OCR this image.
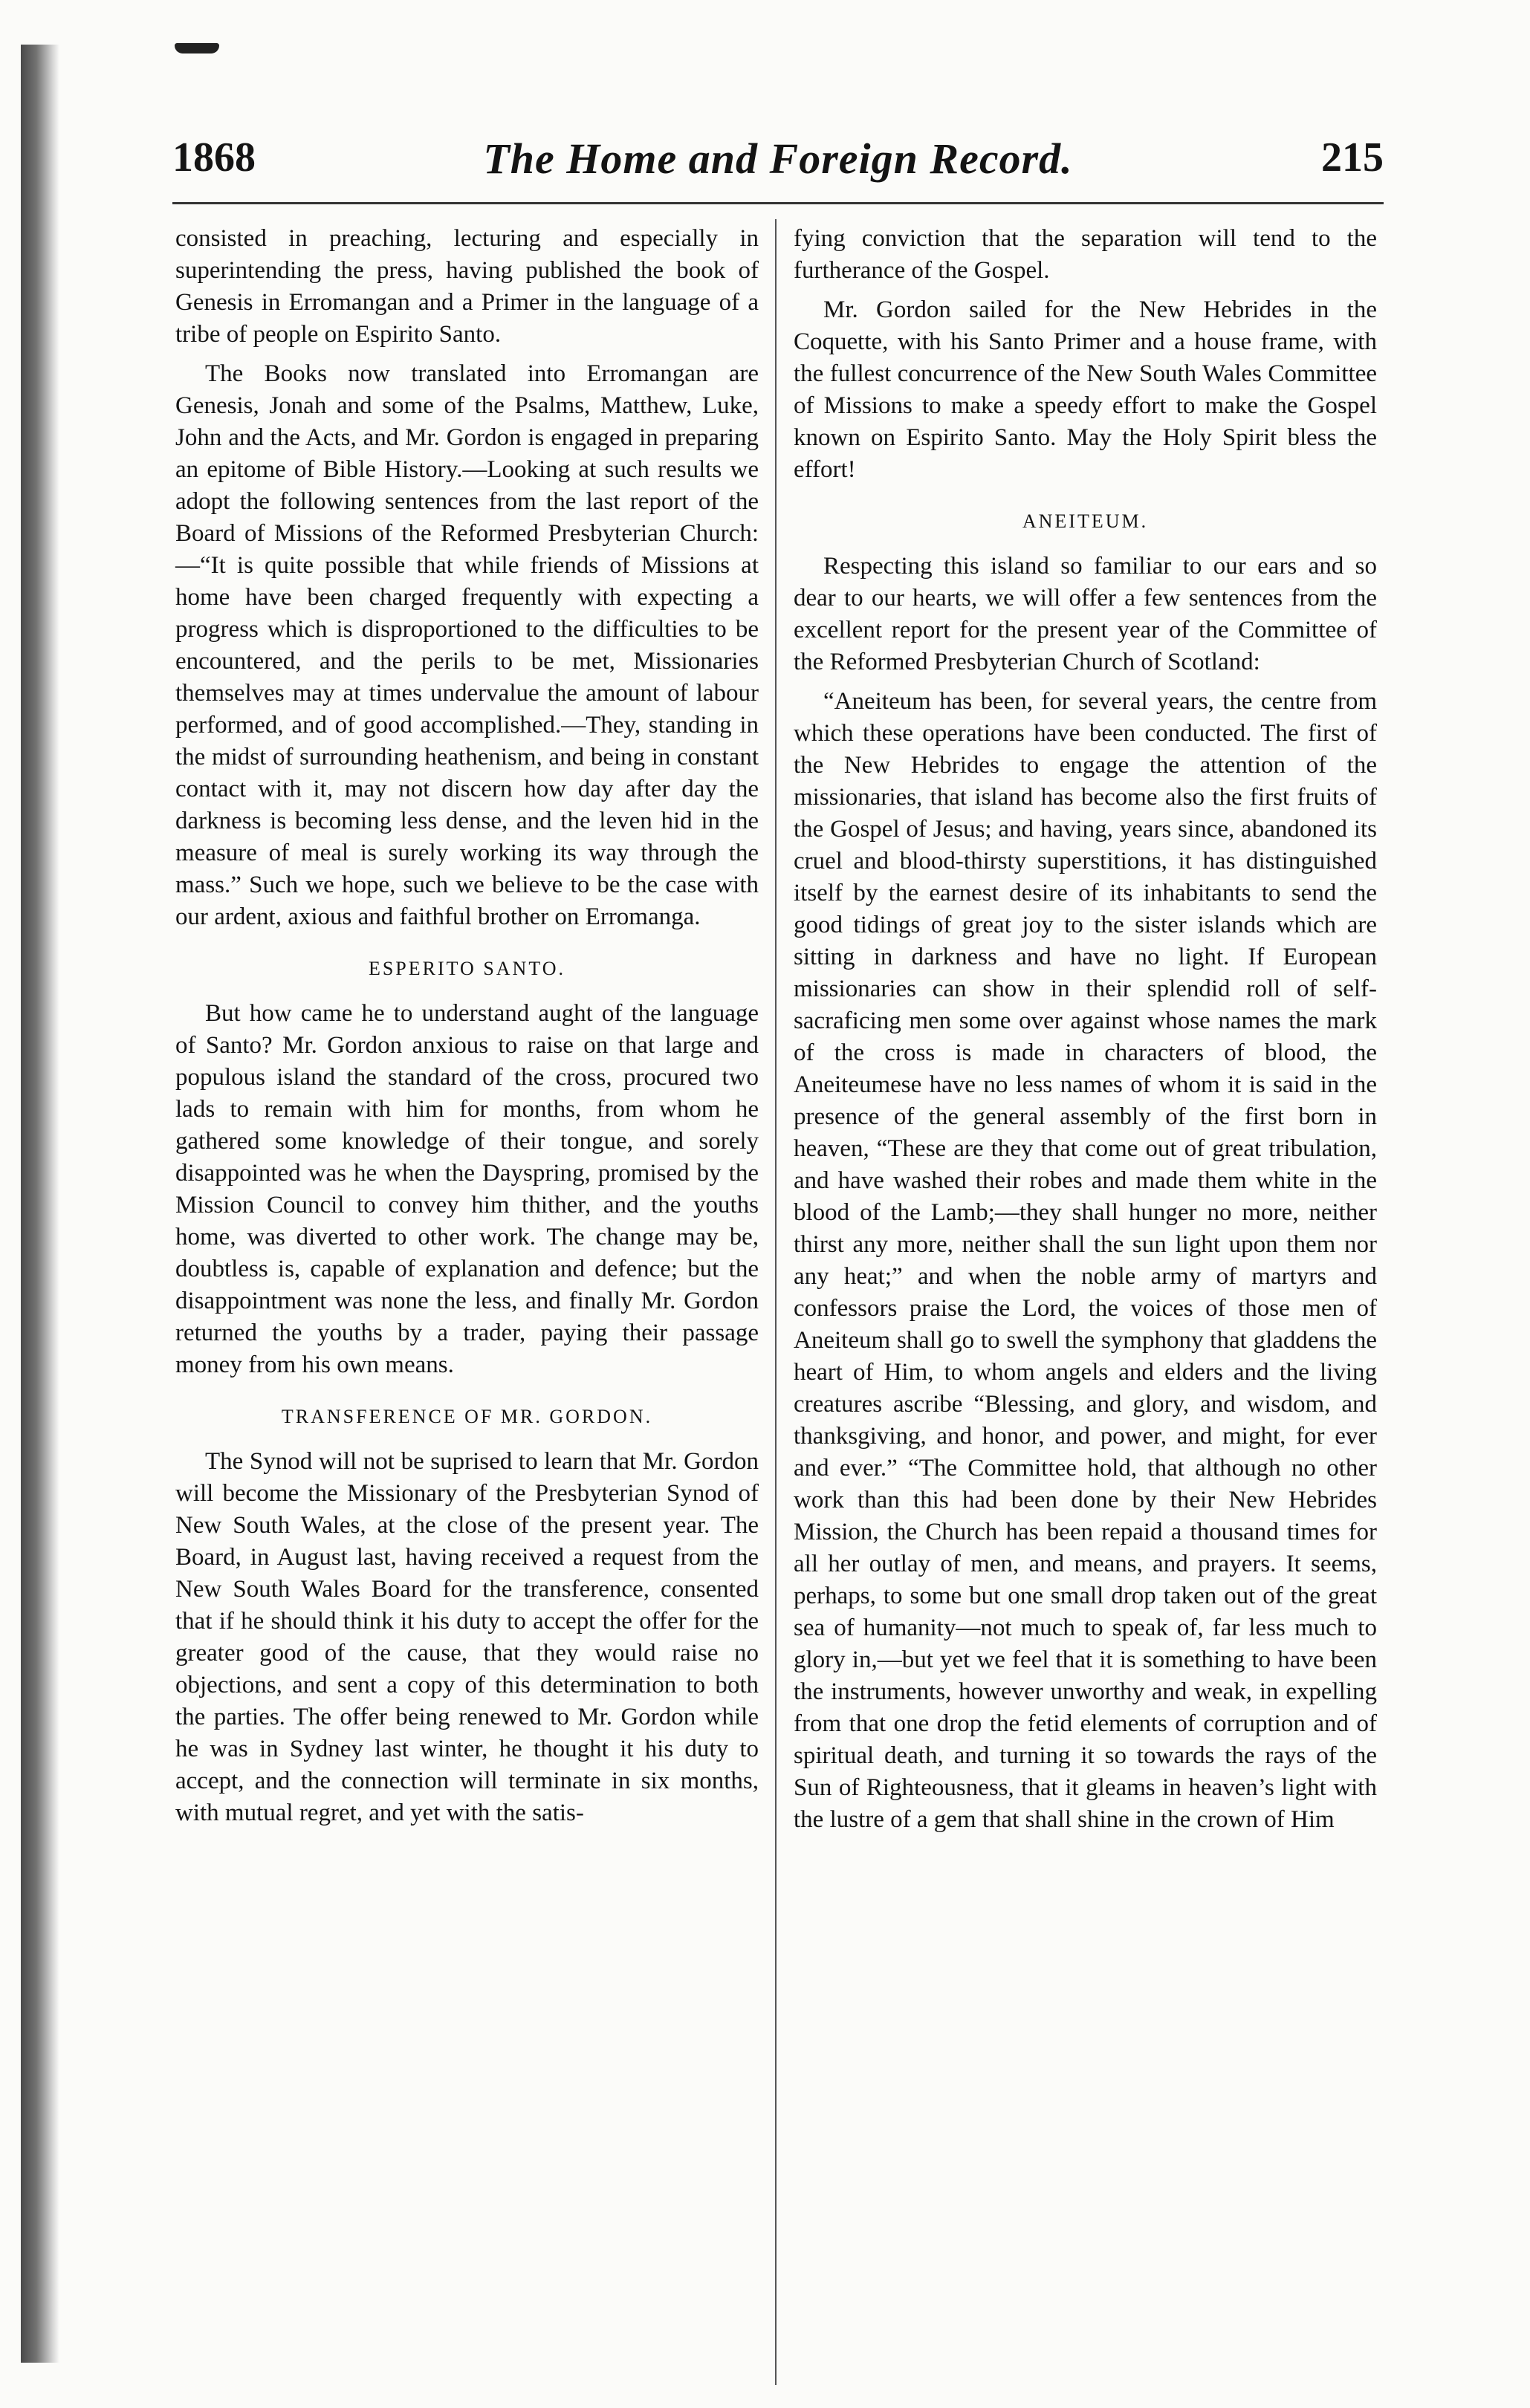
1868	The Home and Foreign Record.	215

consisted in preaching, lecturing and especially in superintending the press, having published the book of Genesis in Erromangan and a Primer in the language of a tribe of people on Espirito Santo.

The Books now translated into Erromangan are Genesis, Jonah and some of the Psalms, Matthew, Luke, John and the Acts, and Mr. Gordon is engaged in preparing an epitome of Bible History.—Looking at such results we adopt the following sentences from the last report of the Board of Missions of the Reformed Presbyterian Church:—“It is quite possible that while friends of Missions at home have been charged frequently with expecting a progress which is disproportioned to the difficulties to be encountered, and the perils to be met, Missionaries themselves may at times undervalue the amount of labour performed, and of good accomplished.—They, standing in the midst of surrounding heathenism, and being in constant contact with it, may not discern how day after day the darkness is becoming less dense, and the leven hid in the measure of meal is surely working its way through the mass.” Such we hope, such we believe to be the case with our ardent, axious and faithful brother on Erromanga.

ESPERITO SANTO.

But how came he to understand aught of the language of Santo? Mr. Gordon anxious to raise on that large and populous island the standard of the cross, procured two lads to remain with him for months, from whom he gathered some knowledge of their tongue, and sorely disappointed was he when the Dayspring, promised by the Mission Council to convey him thither, and the youths home, was diverted to other work. The change may be, doubtless is, capable of explanation and defence; but the disappointment was none the less, and finally Mr. Gordon returned the youths by a trader, paying their passage money from his own means.

TRANSFERENCE OF MR. GORDON.

The Synod will not be suprised to learn that Mr. Gordon will become the Missionary of the Presbyterian Synod of New South Wales, at the close of the present year. The Board, in August last, having received a request from the New South Wales Board for the transference, consented that if he should think it his duty to accept the offer for the greater good of the cause, that they would raise no objections, and sent a copy of this determination to both the parties. The offer being renewed to Mr. Gordon while he was in Sydney last winter, he thought it his duty to accept, and the connection will terminate in six months, with mutual regret, and yet with the satis-

fying conviction that the separation will tend to the furtherance of the Gospel.

Mr. Gordon sailed for the New Hebrides in the Coquette, with his Santo Primer and a house frame, with the fullest concurrence of the New South Wales Committee of Missions to make a speedy effort to make the Gospel known on Espirito Santo. May the Holy Spirit bless the effort!

ANEITEUM.

Respecting this island so familiar to our ears and so dear to our hearts, we will offer a few sentences from the excellent report for the present year of the Committee of the Reformed Presbyterian Church of Scotland:

“Aneiteum has been, for several years, the centre from which these operations have been conducted. The first of the New Hebrides to engage the attention of the missionaries, that island has become also the first fruits of the Gospel of Jesus; and having, years since, abandoned its cruel and blood-thirsty superstitions, it has distinguished itself by the earnest desire of its inhabitants to send the good tidings of great joy to the sister islands which are sitting in darkness and have no light. If European missionaries can show in their splendid roll of self-sacraficing men some over against whose names the mark of the cross is made in characters of blood, the Aneiteumese have no less names of whom it is said in the presence of the general assembly of the first born in heaven, “These are they that come out of great tribulation, and have washed their robes and made them white in the blood of the Lamb;—they shall hunger no more, neither thirst any more, neither shall the sun light upon them nor any heat;” and when the noble army of martyrs and confessors praise the Lord, the voices of those men of Aneiteum shall go to swell the symphony that gladdens the heart of Him, to whom angels and elders and the living creatures ascribe “Blessing, and glory, and wisdom, and thanksgiving, and honor, and power, and might, for ever and ever.” “The Committee hold, that although no other work than this had been done by their New Hebrides Mission, the Church has been repaid a thousand times for all her outlay of men, and means, and prayers. It seems, perhaps, to some but one small drop taken out of the great sea of humanity—not much to speak of, far less much to glory in,—but yet we feel that it is something to have been the instruments, however unworthy and weak, in expelling from that one drop the fetid elements of corruption and of spiritual death, and turning it so towards the rays of the Sun of Righteousness, that it gleams in heaven’s light with the lustre of a gem that shall shine in the crown of Him
